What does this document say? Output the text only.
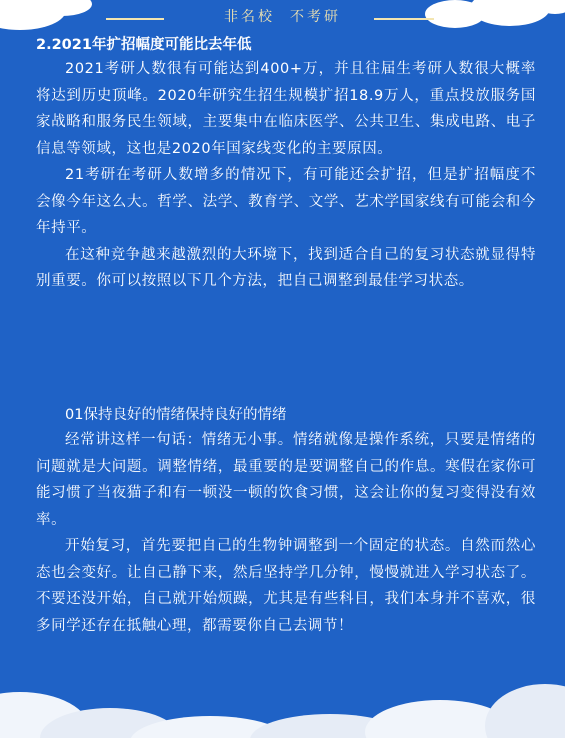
非名校  不考研

2.2021年扩招幅度可能比去年低

2021考研人数很有可能达到400+万，并且往届生考研人数很大概率将达到历史顶峰。2020年研究生招生规模扩招18.9万人，重点投放服务国家战略和服务民生领域，主要集中在临床医学、公共卫生、集成电路、电子信息等领域，这也是2020年国家线变化的主要原因。

21考研在考研人数增多的情况下，有可能还会扩招，但是扩招幅度不会像今年这么大。哲学、法学、教育学、文学、艺术学国家线有可能会和今年持平。

在这种竞争越来越激烈的大环境下，找到适合自己的复习状态就显得特别重要。你可以按照以下几个方法，把自己调整到最佳学习状态。

01保持良好的情绪保持良好的情绪

经常讲这样一句话：情绪无小事。情绪就像是操作系统，只要是情绪的问题就是大问题。调整情绪，最重要的是要调整自己的作息。寒假在家你可能习惯了当夜猫子和有一顿没一顿的饮食习惯，这会让你的复习变得没有效率。

开始复习，首先要把自己的生物钟调整到一个固定的状态。自然而然心态也会变好。让自己静下来，然后坚持学几分钟，慢慢就进入学习状态了。不要还没开始，自己就开始烦躁，尤其是有些科目，我们本身并不喜欢，很多同学还存在抵触心理，都需要你自己去调节！
